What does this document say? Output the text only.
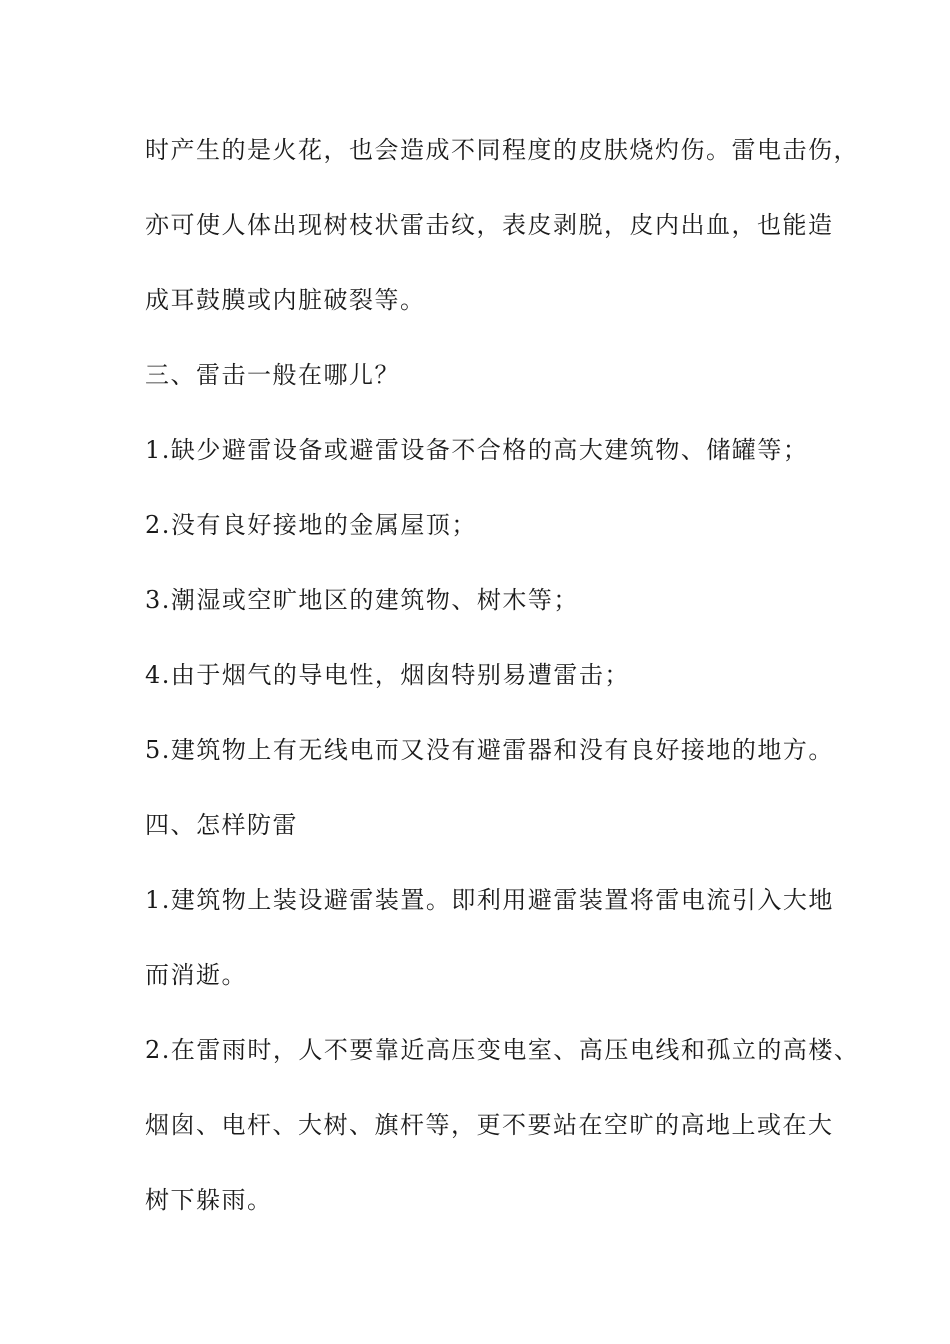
时产生的是火花，也会造成不同程度的皮肤烧灼伤。雷电击伤，
亦可使人体出现树枝状雷击纹，表皮剥脱，皮内出血，也能造
成耳鼓膜或内脏破裂等。
三、雷击一般在哪儿？
1.缺少避雷设备或避雷设备不合格的高大建筑物、储罐等；
2.没有良好接地的金属屋顶；
3.潮湿或空旷地区的建筑物、树木等；
4.由于烟气的导电性，烟囱特别易遭雷击；
5.建筑物上有无线电而又没有避雷器和没有良好接地的地方。
四、怎样防雷
1.建筑物上装设避雷装置。即利用避雷装置将雷电流引入大地
而消逝。
2.在雷雨时，人不要靠近高压变电室、高压电线和孤立的高楼、
烟囱、电杆、大树、旗杆等，更不要站在空旷的高地上或在大
树下躲雨。
